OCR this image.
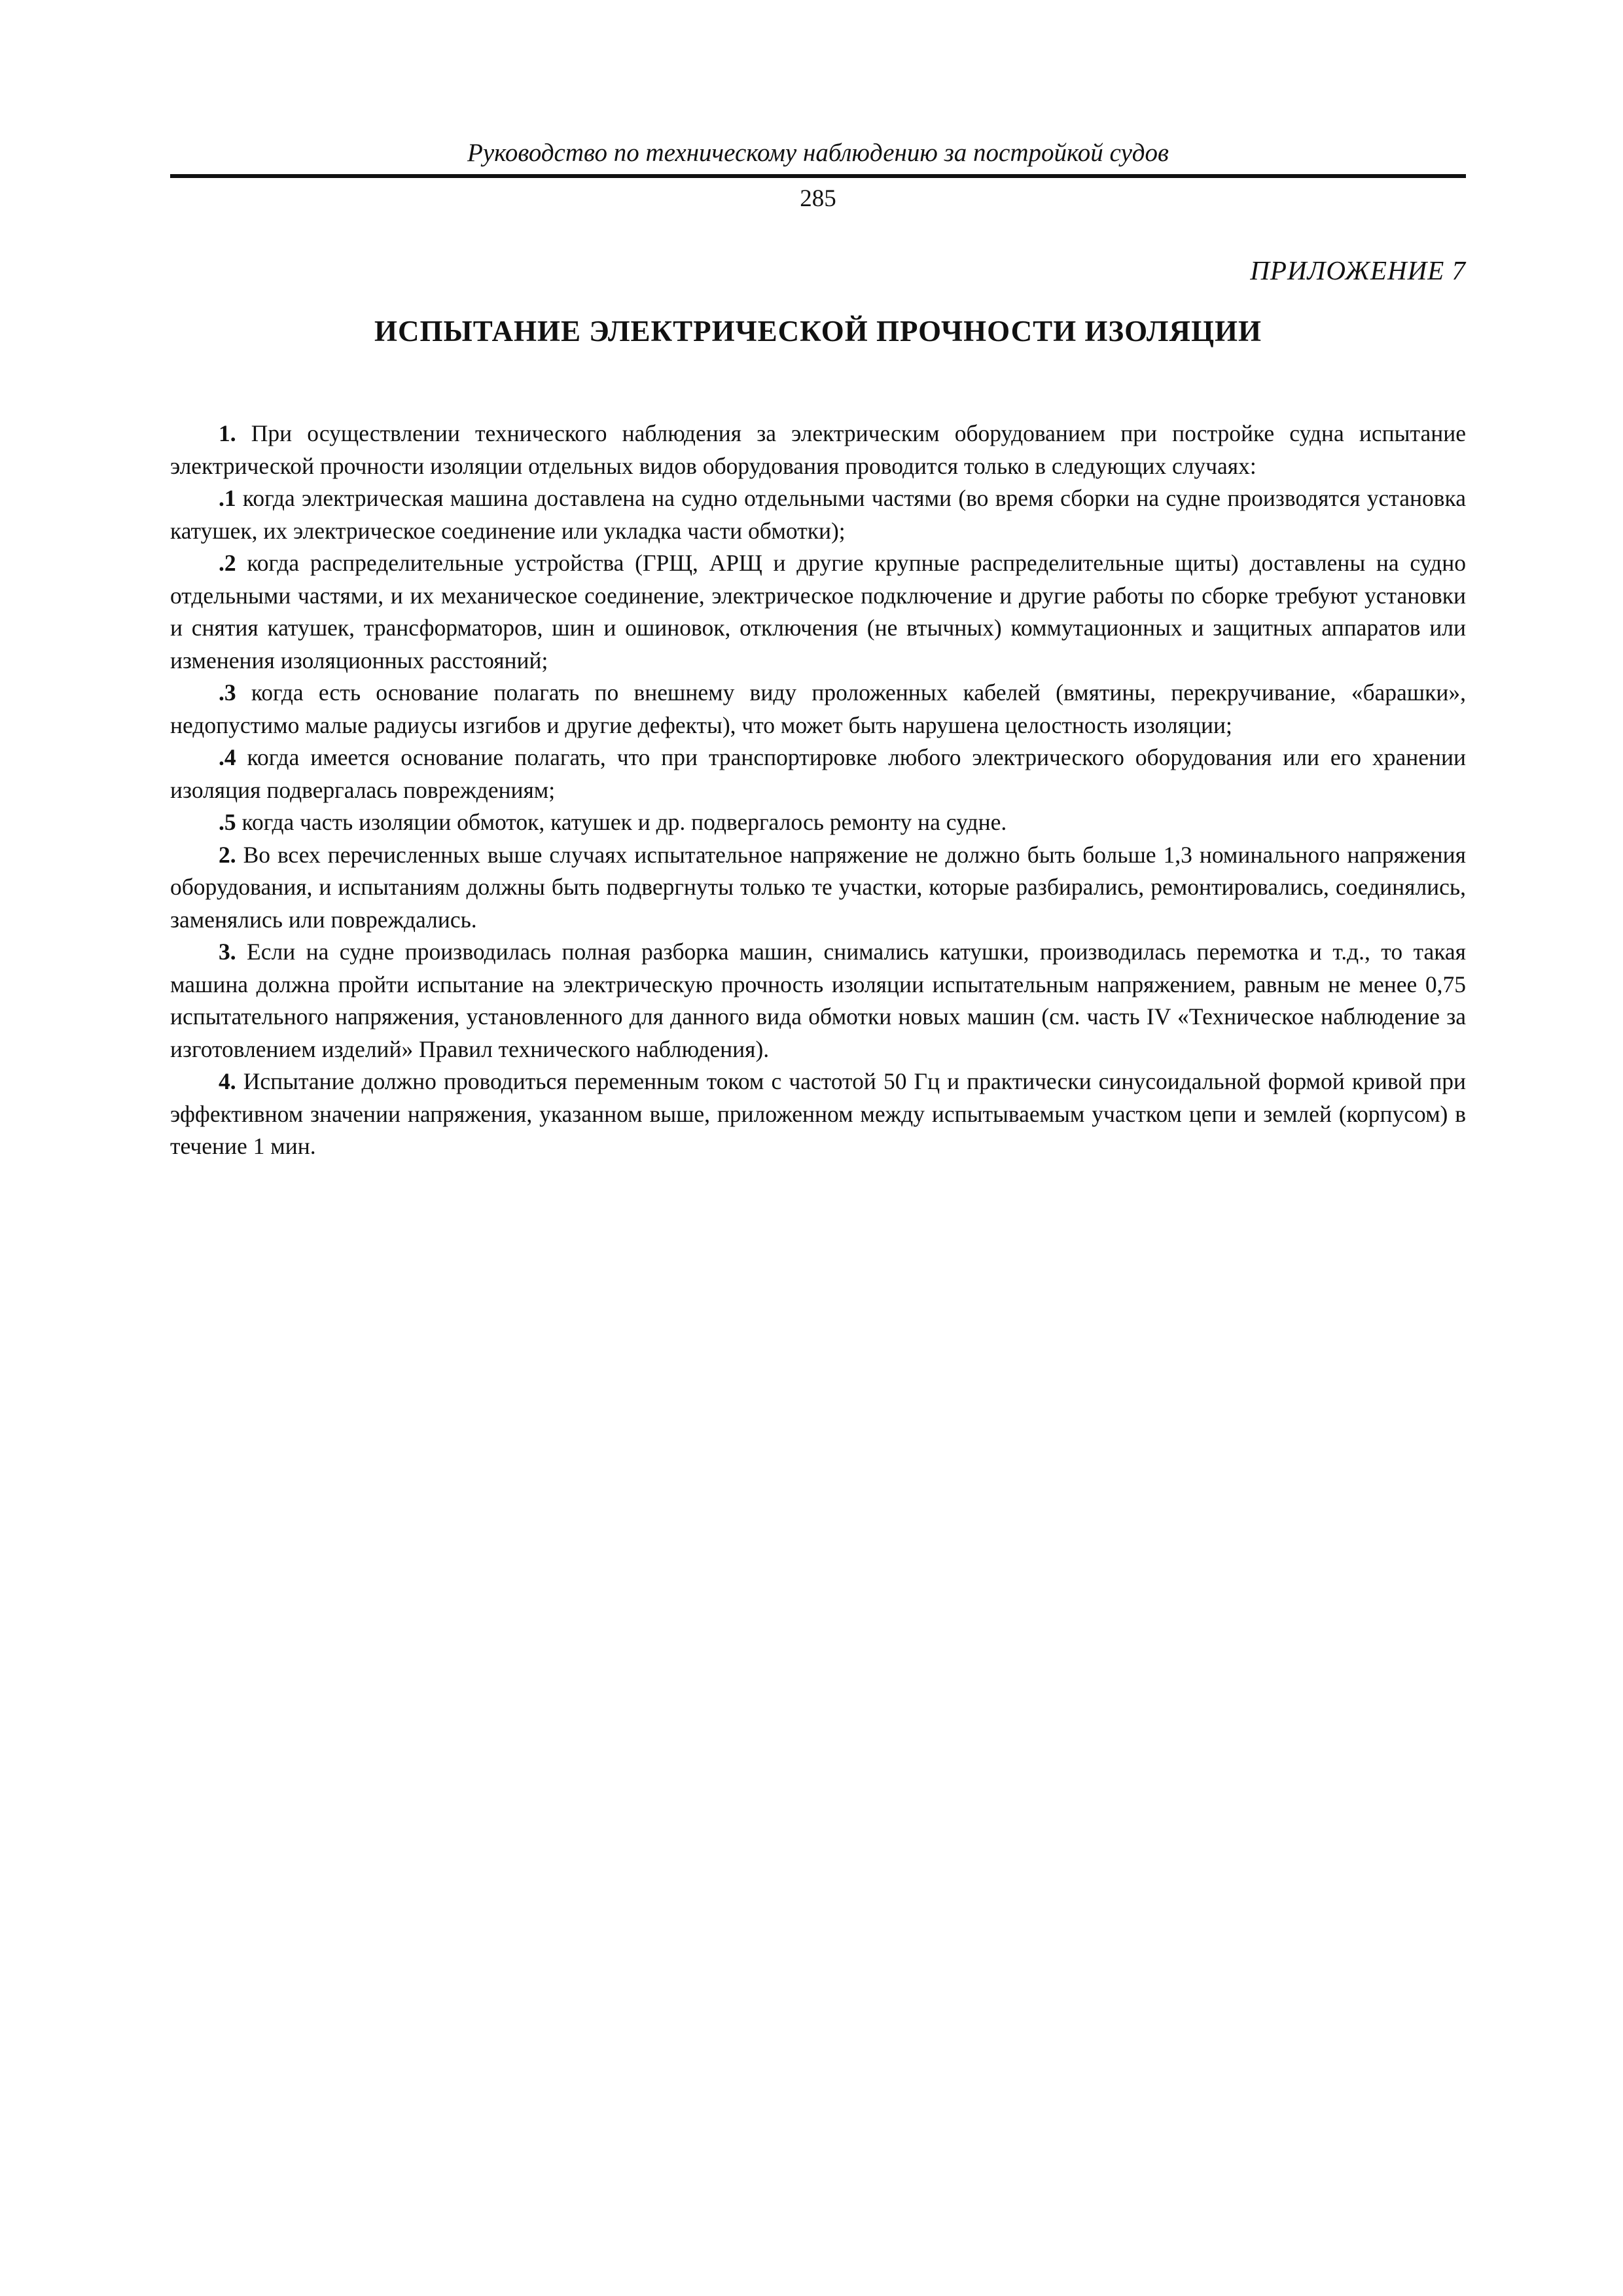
Руководство по техническому наблюдению за постройкой судов
285
ПРИЛОЖЕНИЕ 7
ИСПЫТАНИЕ ЭЛЕКТРИЧЕСКОЙ ПРОЧНОСТИ ИЗОЛЯЦИИ

1. При осуществлении технического наблюдения за электрическим оборудованием при постройке судна испытание электрической прочности изоляции отдельных видов оборудования проводится только в следующих случаях:

.1 когда электрическая машина доставлена на судно отдельными частями (во время сборки на судне производятся установка катушек, их электрическое соединение или укладка части обмотки);

.2 когда распределительные устройства (ГРЩ, АРЩ и другие крупные распределительные щиты) доставлены на судно отдельными частями, и их механическое соединение, электрическое подключение и другие работы по сборке требуют установки и снятия катушек, трансформаторов, шин и ошиновок, отключения (не втычных) коммутационных и защитных аппаратов или изменения изоляционных расстояний;

.3 когда есть основание полагать по внешнему виду проложенных кабелей (вмятины, перекручивание, «барашки», недопустимо малые радиусы изгибов и другие дефекты), что может быть нарушена целостность изоляции;

.4 когда имеется основание полагать, что при транспортировке любого электрического оборудования или его хранении изоляция подвергалась повреждениям;

.5 когда часть изоляции обмоток, катушек и др. подвергалось ремонту на судне.

2. Во всех перечисленных выше случаях испытательное напряжение не должно быть больше 1,3 номинального напряжения оборудования, и испытаниям должны быть подвергнуты только те участки, которые разбирались, ремонтировались, соединялись, заменялись или повреждались.

3. Если на судне производилась полная разборка машин, снимались катушки, производилась перемотка и т.д., то такая машина должна пройти испытание на электрическую прочность изоляции испытательным напряжением, равным не менее 0,75 испытательного напряжения, установленного для данного вида обмотки новых машин (см. часть IV «Техническое наблюдение за изготовлением изделий» Правил технического наблюдения).

4. Испытание должно проводиться переменным током с частотой 50 Гц и практически синусоидальной формой кривой при эффективном значении напряжения, указанном выше, приложенном между испытываемым участком цепи и землей (корпусом) в течение 1 мин.
